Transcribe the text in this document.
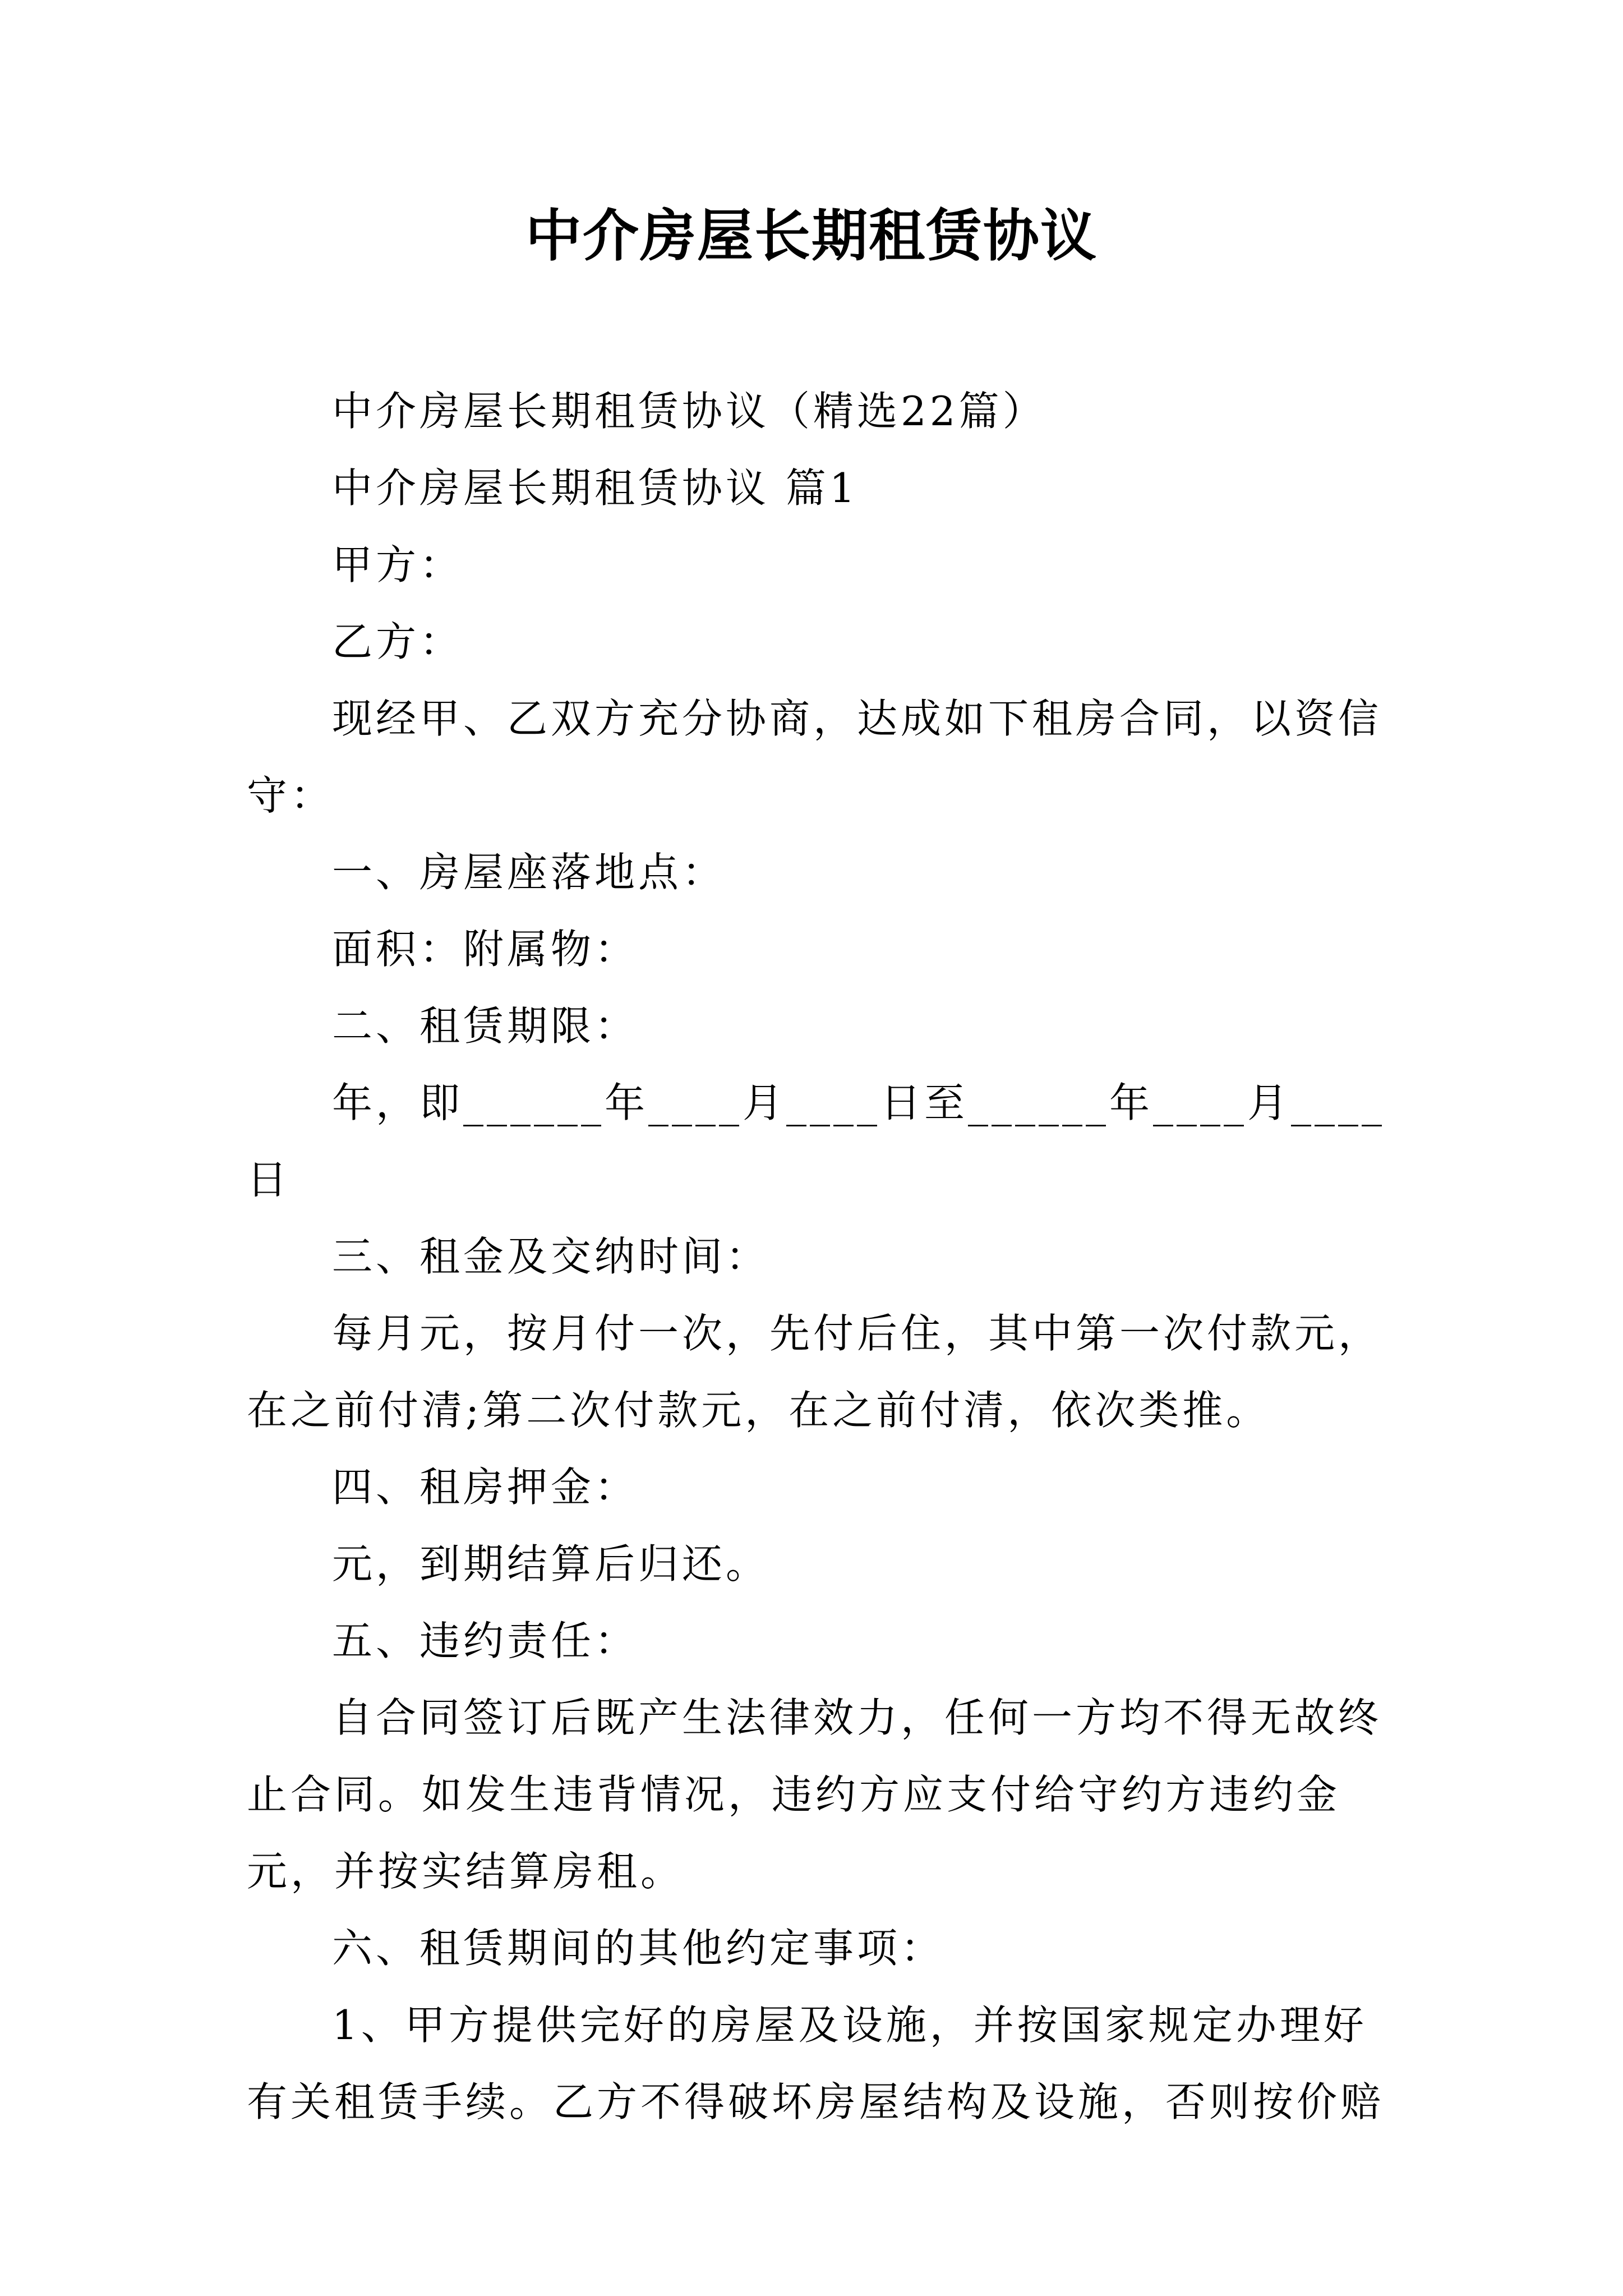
中介房屋长期租赁协议

中介房屋长期租赁协议（精选22篇）

中介房屋长期租赁协议 篇1

甲方：

乙方：

现经甲、乙双方充分协商，达成如下租房合同，以资信守：

一、房屋座落地点：

面积：附属物：

二、租赁期限：

年，即______年____月____日至______年____月____日

三、租金及交纳时间：

每月元，按月付一次，先付后住，其中第一次付款元，在之前付清;第二次付款元，在之前付清，依次类推。

四、租房押金：

元，到期结算后归还。

五、违约责任：

自合同签订后既产生法律效力，任何一方均不得无故终止合同。如发生违背情况，违约方应支付给守约方违约金元，并按实结算房租。

六、租赁期间的其他约定事项：

1、甲方提供完好的房屋及设施，并按国家规定办理好有关租赁手续。乙方不得破坏房屋结构及设施，否则按价赔
